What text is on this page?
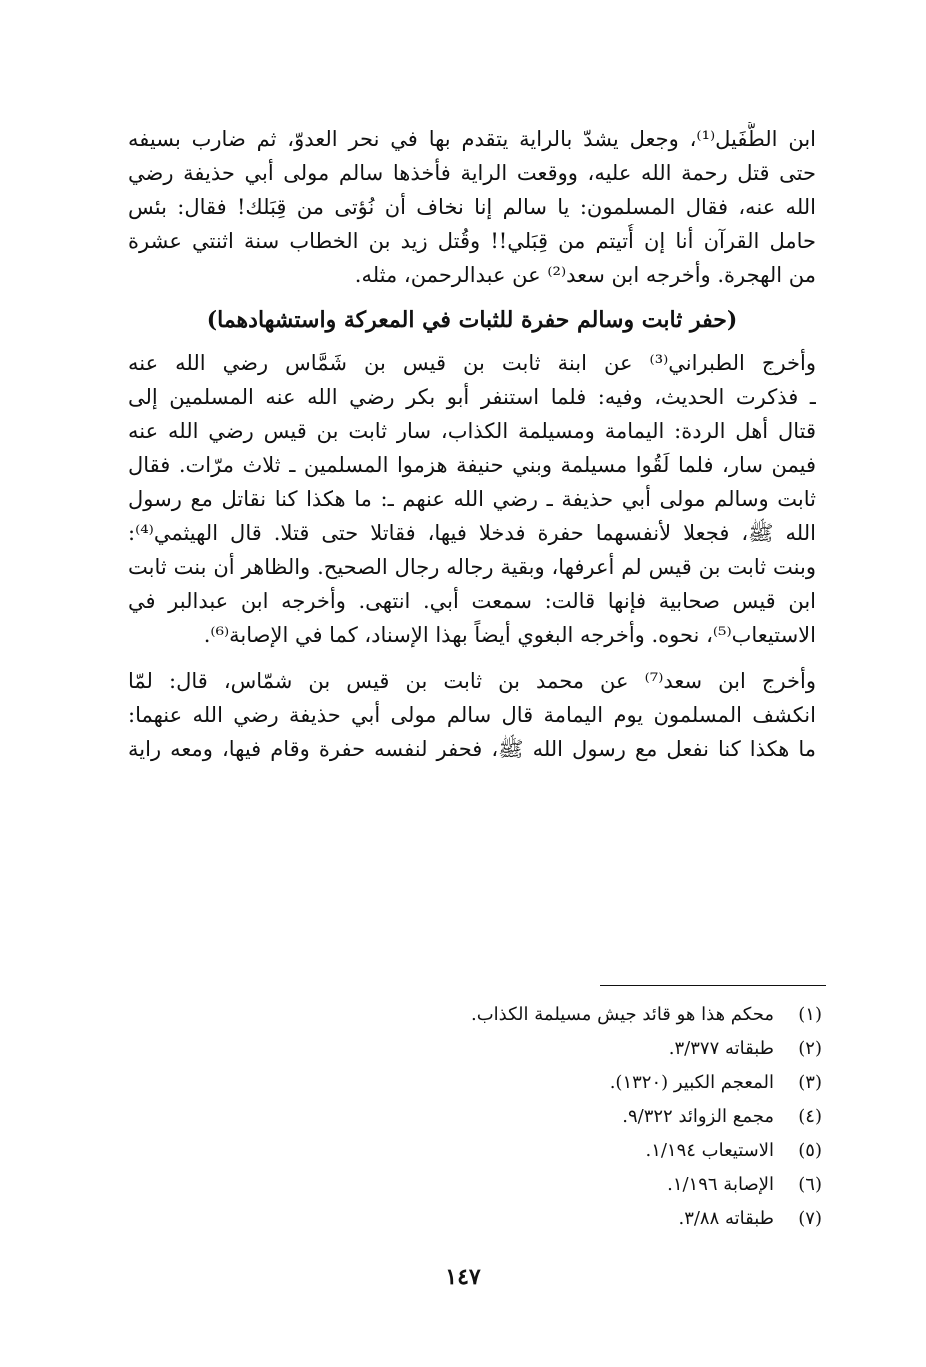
ابن الطُّفَيل⁽¹⁾، وجعل يشدّ بالراية يتقدم بها في نحر العدوّ، ثم ضارب بسيفه
حتى قتل رحمة الله عليه، ووقعت الراية فأخذها سالم مولى أبي حذيفة رضي
الله عنه، فقال المسلمون: يا سالم إنا نخاف أن نُؤتى من قِبَلك! فقال: بئس
حامل القرآن أنا إن أُتيتم من قِبَلي!! وقُتل زيد بن الخطاب سنة اثنتي عشرة
من الهجرة. وأخرجه ابن سعد⁽²⁾ عن عبدالرحمن، مثله.
(حفر ثابت وسالم حفرة للثبات في المعركة واستشهادهما)
وأخرج الطبراني⁽³⁾ عن ابنة ثابت بن قيس بن شَمَّاس رضي الله عنه
ـ فذكرت الحديث، وفيه: فلما استنفر أبو بكر رضي الله عنه المسلمين إلى
قتال أهل الردة: اليمامة ومسيلمة الكذاب، سار ثابت بن قيس رضي الله عنه
فيمن سار، فلما لَقُوا مسيلمة وبني حنيفة هزموا المسلمين ـ ثلاث مرّات. فقال
ثابت وسالم مولى أبي حذيفة ـ رضي الله عنهم ـ: ما هكذا كنا نقاتل مع رسول
الله ﷺ، فجعلا لأنفسهما حفرة فدخلا فيها، فقاتلا حتى قتلا. قال الهيثمي⁽⁴⁾:
وبنت ثابت بن قيس لم أعرفها، وبقية رجاله رجال الصحيح. والظاهر أن بنت ثابت
ابن قيس صحابية فإنها قالت: سمعت أبي. انتهى. وأخرجه ابن عبدالبر في
الاستيعاب⁽⁵⁾، نحوه. وأخرجه البغوي أيضاً بهذا الإسناد، كما في الإصابة⁽⁶⁾.
وأخرج ابن سعد⁽⁷⁾ عن محمد بن ثابت بن قيس بن شمّاس، قال: لمّا
انكشف المسلمون يوم اليمامة قال سالم مولى أبي حذيفة رضي الله عنهما:
ما هكذا كنا نفعل مع رسول الله ﷺ، فحفر لنفسه حفرة وقام فيها، ومعه راية
(١)
محكم هذا هو قائد جيش مسيلمة الكذاب.
(٢)
طبقاته ٣/٣٧٧.
(٣)
المعجم الكبير (١٣٢٠).
(٤)
مجمع الزوائد ٩/٣٢٢.
(٥)
الاستيعاب ١/١٩٤.
(٦)
الإصابة ١/١٩٦.
(٧)
طبقاته ٣/٨٨.
١٤٧
